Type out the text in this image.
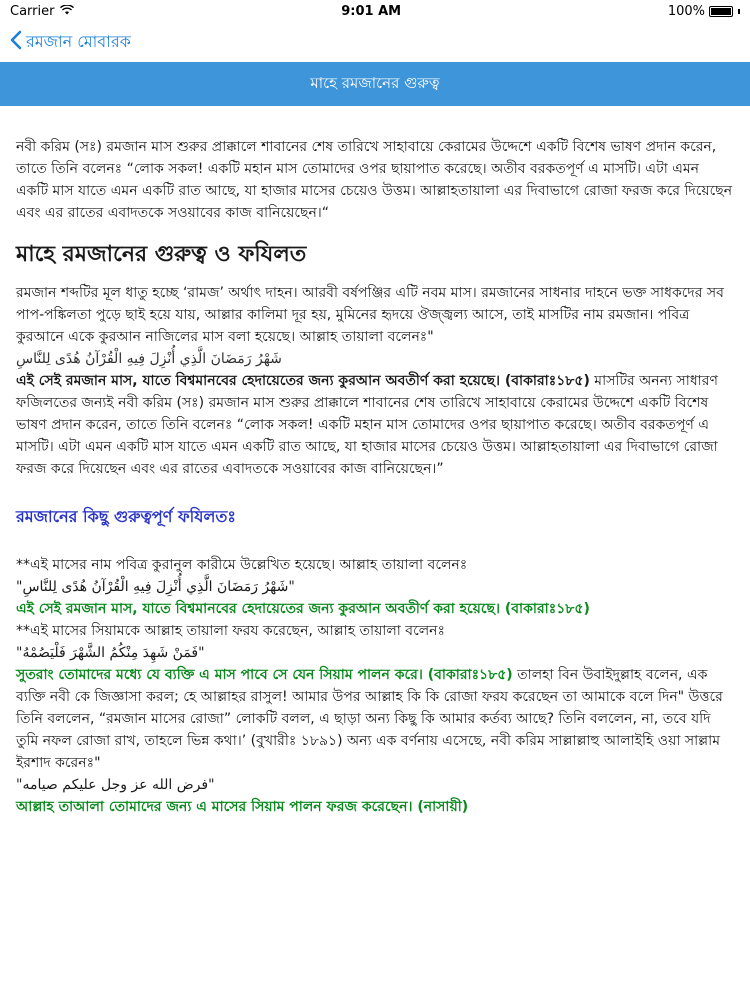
Carrier	9:01 AM	100%
রমজান মোবারক
মাহে রমজানের গুরুত্ব

নবী করিম (সঃ) রমজান মাস শুরুর প্রাক্কালে শাবানের শেষ তারিখে সাহাবায়ে কেরামের উদ্দেশে একটি বিশেষ ভাষণ প্রদান করেন, তাতে তিনি বলেনঃ “লোক সকল! একটি মহান মাস তোমাদের ওপর ছায়াপাত করেছে। অতীব বরকতপূর্ণ এ মাসটি। এটা এমন একটি মাস যাতে এমন একটি রাত আছে, যা হাজার মাসের চেয়েও উত্তম। আল্লাহতায়ালা এর দিবাভাগে রোজা ফরজ করে দিয়েছেন এবং এর রাতের এবাদতকে সওয়াবের কাজ বানিয়েছেন।“

মাহে রমজানের গুরুত্ব ও ফযিলত

রমজান শব্দটির মূল ধাতু হচ্ছে ‘রামজ’ অর্থাৎ দাহন। আরবী বর্ষপঞ্জির এটি নবম মাস। রমজানের সাধনার দাহনে ভক্ত সাধকদের সব পাপ-পঙ্কিলতা পুড়ে ছাই হয়ে যায়, আল্লার কালিমা দূর হয়, মুমিনের হৃদয়ে ঔজ্জ্বল্য আসে, তাই মাসটির নাম রমজান। পবিত্র কুরআনে একে কুরআন নাজিলের মাস বলা হয়েছে। আল্লাহ তায়ালা বলেনঃ"

شَهْرُ رَمَضَانَ الَّذِي أُنْزِلَ فِيهِ الْقُرْآنُ هُدًى لِلنَّاسِ

এই সেই রমজান মাস, যাতে বিশ্বমানবের হেদায়েতের জন্য কুরআন অবতীর্ণ করা হয়েছে। (বাকারাঃ১৮৫) মাসটির অনন্য সাধারণ ফজিলতের জন্যই নবী করিম (সঃ) রমজান মাস শুরুর প্রাক্কালে শাবানের শেষ তারিখে সাহাবায়ে কেরামের উদ্দেশে একটি বিশেষ ভাষণ প্রদান করেন, তাতে তিনি বলেনঃ “লোক সকল! একটি মহান মাস তোমাদের ওপর ছায়াপাত করেছে। অতীব বরকতপূর্ণ এ মাসটি। এটা এমন একটি মাস যাতে এমন একটি রাত আছে, যা হাজার মাসের চেয়েও উত্তম। আল্লাহতায়ালা এর দিবাভাগে রোজা ফরজ করে দিয়েছেন এবং এর রাতের এবাদতকে সওয়াবের কাজ বানিয়েছেন।”

রমজানের কিছু গুরুত্বপূর্ণ ফযিলতঃ

**এই মাসের নাম পবিত্র কুরানুল কারীমে উল্লেখিত হয়েছে। আল্লাহ তায়ালা বলেনঃ

"شَهْرُ رَمَضَانَ الَّذِي أُنْزِلَ فِيهِ الْقُرْآنُ هُدًى لِلنَّاسِ"

এই সেই রমজান মাস, যাতে বিশ্বমানবের হেদায়েতের জন্য কুরআন অবতীর্ণ করা হয়েছে। (বাকারাঃ১৮৫)

**এই মাসের সিয়ামকে আল্লাহ তায়ালা ফরয করেছেন, আল্লাহ তায়ালা বলেনঃ

"فَمَنْ شَهِدَ مِنْكُمُ الشَّهْرَ فَلْيَصُمْهُ"

সুতরাং তোমাদের মধ্যে যে ব্যক্তি এ মাস পাবে সে যেন সিয়াম পালন করে। (বাকারাঃ১৮৫) তালহা বিন উবাইদুল্লাহ বলেন, এক ব্যক্তি নবী কে জিজ্ঞাসা করল; হে আল্লাহর রাসুল! আমার উপর আল্লাহ কি কি রোজা ফরয করেছেন তা আমাকে বলে দিন" উত্তরে তিনি বললেন, “রমজান মাসের রোজা” লোকটি বলল, এ ছাড়া অন্য কিছু কি আমার কর্তব্য আছে? তিনি বললেন, না, তবে যদি তুমি নফল রোজা রাখ, তাহলে ভিন্ন কথা।’ (বুখারীঃ ১৮৯১) অন্য এক বর্ণনায় এসেছে, নবী করিম সাল্লাল্লাহু আলাইহি ওয়া সাল্লাম ইরশাদ করেনঃ"

"فرض الله عز وجل عليكم صيامه"

আল্লাহ তাআলা তোমাদের জন্য এ মাসের সিয়াম পালন ফরজ করেছেন। (নাসায়ী)
